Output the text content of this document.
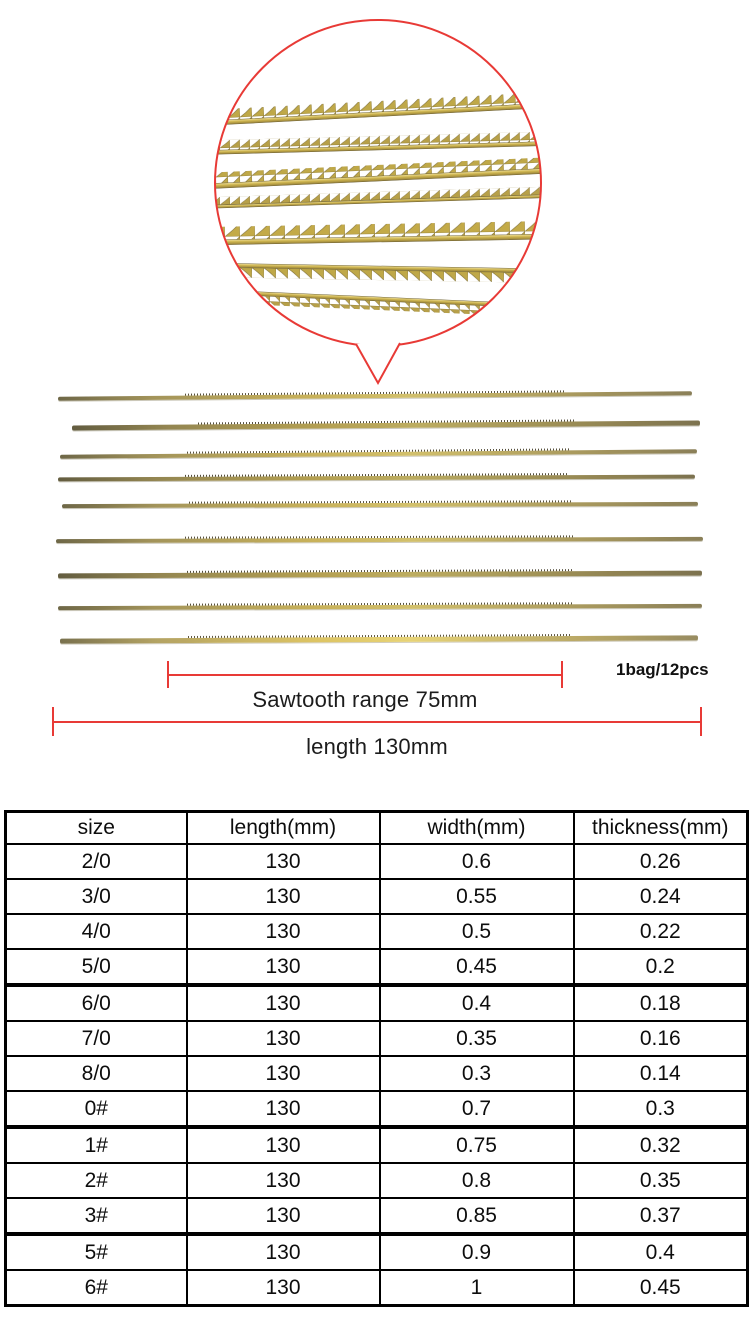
1bag/12pcs
Sawtooth range 75mm
length 130mm
size	length(mm)	width(mm)	thickness(mm)
2/0	130	0.6	0.26
3/0	130	0.55	0.24
4/0	130	0.5	0.22
5/0	130	0.45	0.2
6/0	130	0.4	0.18
7/0	130	0.35	0.16
8/0	130	0.3	0.14
0#	130	0.7	0.3
1#	130	0.75	0.32
2#	130	0.8	0.35
3#	130	0.85	0.37
5#	130	0.9	0.4
6#	130	1	0.45
